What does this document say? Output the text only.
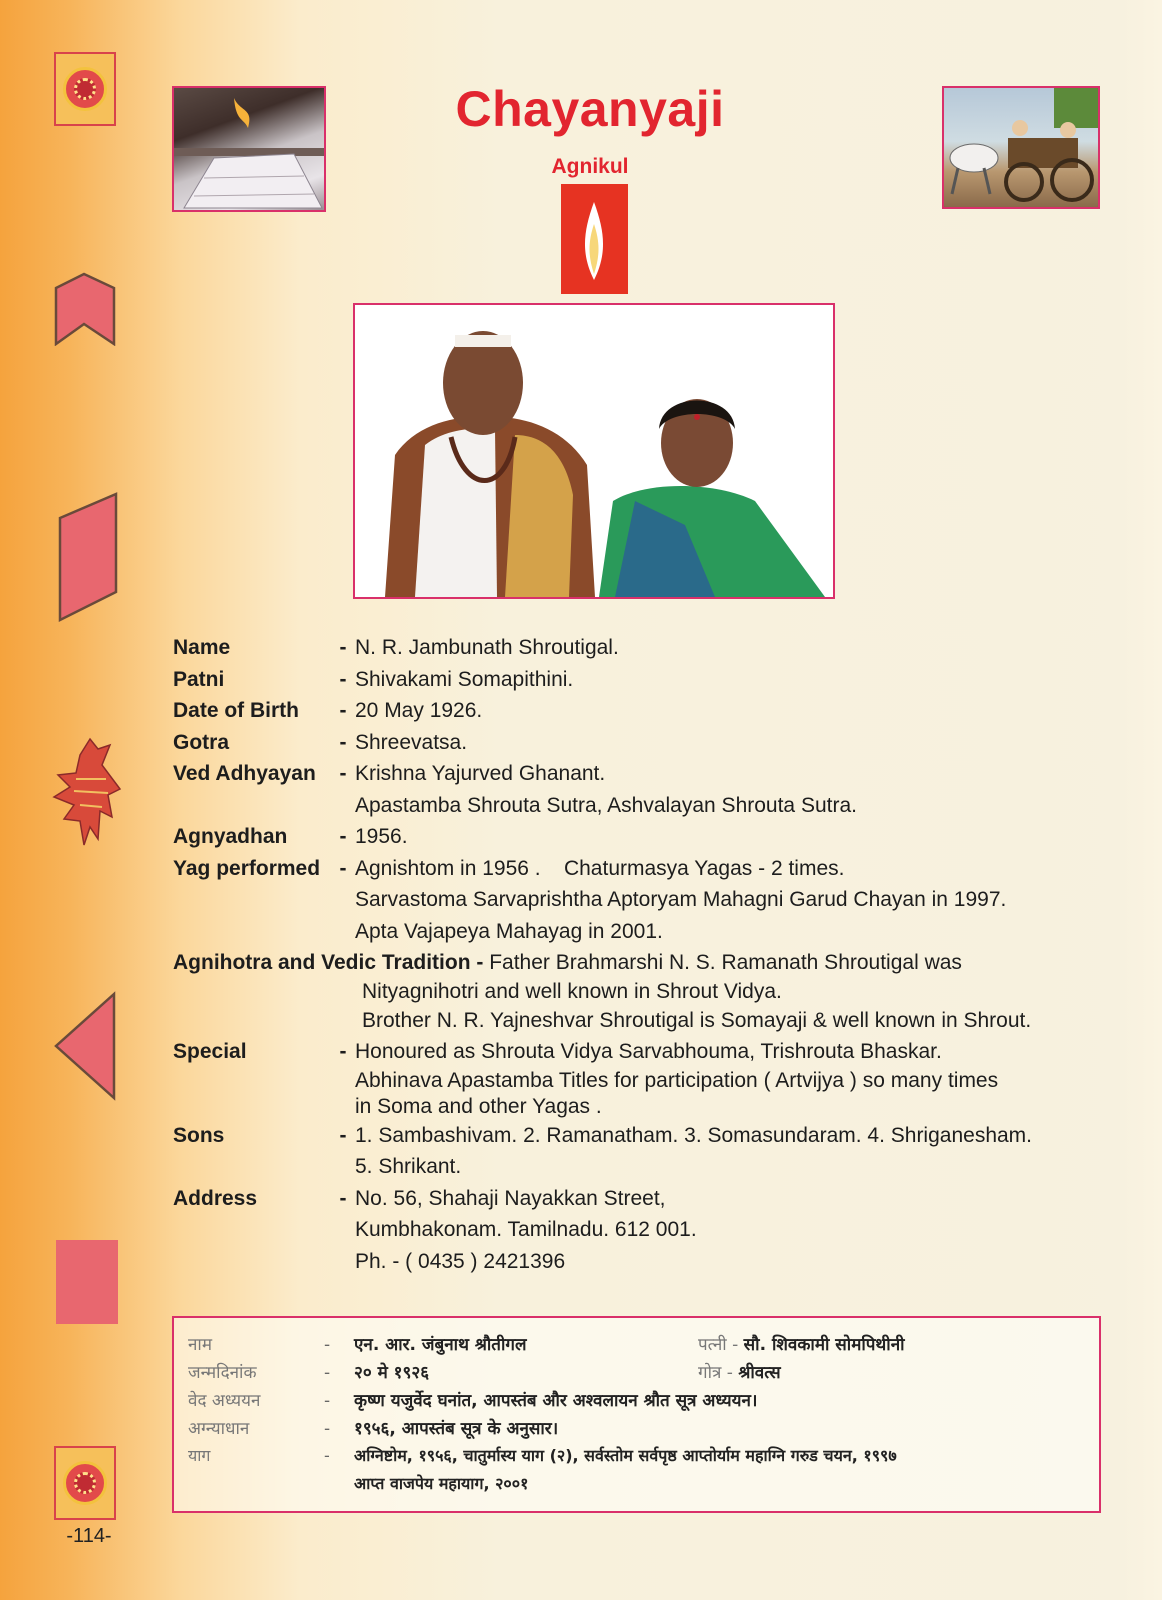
-114-
Chayanyaji
Agnikul
Name	- N. R. Jambunath Shroutigal.
Patni	- Shivakami Somapithini.
Date of Birth	- 20 May 1926.
Gotra	- Shreevatsa.
Ved Adhyayan	- Krishna Yajurved Ghanant.
Apastamba Shrouta Sutra, Ashvalayan Shrouta Sutra.
Agnyadhan	- 1956.
Yag performed - Agnishtom in 1956 .    Chaturmasya Yagas - 2 times.
Sarvastoma Sarvaprishtha Aptoryam Mahagni Garud Chayan in 1997.
Apta Vajapeya Mahayag in 2001.
Agnihotra and Vedic Tradition - Father Brahmarshi N. S. Ramanath Shroutigal was
Nityagnihotri and well known in Shrout Vidya.
Brother N. R. Yajneshvar Shroutigal is Somayaji & well known in Shrout.
Special	- Honoured as Shrouta Vidya Sarvabhouma, Trishrouta Bhaskar.
Abhinava Apastamba Titles for participation ( Artvijya ) so many times
in Soma and other Yagas .
Sons	- 1. Sambashivam. 2. Ramanatham. 3. Somasundaram. 4. Shriganesham.
5. Shrikant.
Address	- No. 56, Shahaji Nayakkan Street,
Kumbhakonam. Tamilnadu. 612 001.
Ph. - ( 0435 ) 2421396
नाम	- एन. आर. जंबुनाथ श्रौतीगल	पत्नी - सौ. शिवकामी सोमपिथीनी
जन्मदिनांक	- २० मे १९२६	गोत्र - श्रीवत्स
वेद अध्ययन	- कृष्ण यजुर्वेद घनांत, आपस्तंब और अश्वलायन श्रौत सूत्र अध्ययन।
अग्न्याधान	- १९५६, आपस्तंब सूत्र के अनुसार।
याग	- अग्निष्टोम, १९५६, चातुर्मास्य याग (२), सर्वस्तोम सर्वपृष्ठ आप्तोर्याम महाग्नि गरुड चयन, १९९७
आप्त वाजपेय महायाग, २००१
